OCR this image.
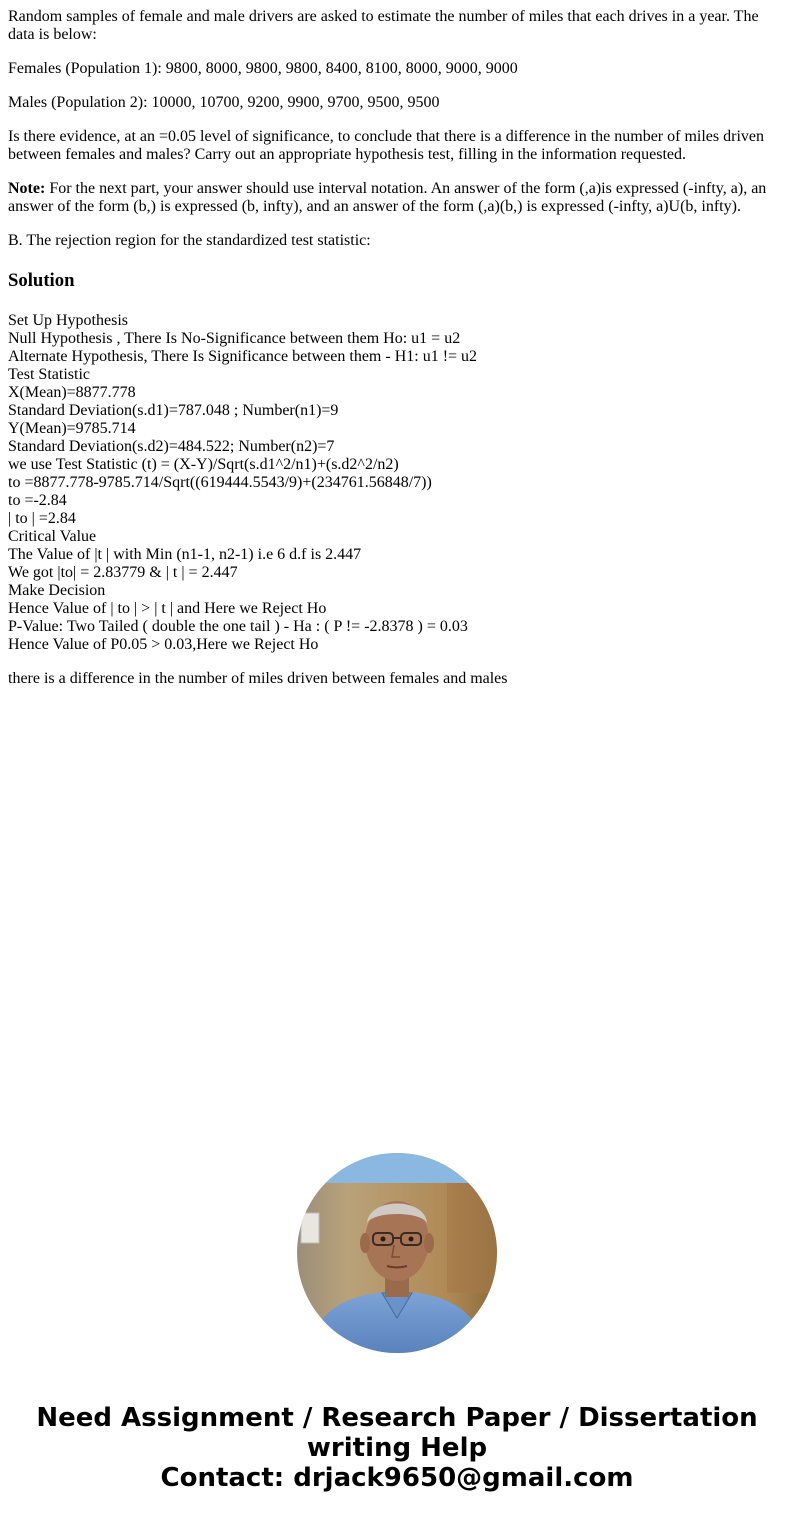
Random samples of female and male drivers are asked to estimate the number of miles that each drives in a year. The
data is below:

Females (Population 1): 9800, 8000, 9800, 9800, 8400, 8100, 8000, 9000, 9000

Males (Population 2): 10000, 10700, 9200, 9900, 9700, 9500, 9500

Is there evidence, at an =0.05 level of significance, to conclude that there is a difference in the number of miles driven
between females and males? Carry out an appropriate hypothesis test, filling in the information requested.

Note: For the next part, your answer should use interval notation. An answer of the form (,a)is expressed (-infty, a), an
answer of the form (b,) is expressed (b, infty), and an answer of the form (,a)(b,) is expressed (-infty, a)U(b, infty).

B. The rejection region for the standardized test statistic:

Solution

Set Up Hypothesis
Null Hypothesis , There Is No-Significance between them Ho: u1 = u2
Alternate Hypothesis, There Is Significance between them - H1: u1 != u2
Test Statistic
X(Mean)=8877.778
Standard Deviation(s.d1)=787.048 ; Number(n1)=9
Y(Mean)=9785.714
Standard Deviation(s.d2)=484.522; Number(n2)=7
we use Test Statistic (t) = (X-Y)/Sqrt(s.d1^2/n1)+(s.d2^2/n2)
to =8877.778-9785.714/Sqrt((619444.5543/9)+(234761.56848/7))
to =-2.84
| to | =2.84
Critical Value
The Value of |t | with Min (n1-1, n2-1) i.e 6 d.f is 2.447
We got |to| = 2.83779 & | t | = 2.447
Make Decision
Hence Value of | to | > | t | and Here we Reject Ho
P-Value: Two Tailed ( double the one tail ) - Ha : ( P != -2.8378 ) = 0.03
Hence Value of P0.05 > 0.03,Here we Reject Ho

there is a difference in the number of miles driven between females and males

Need Assignment / Research Paper / Dissertation
writing Help
Contact: drjack9650@gmail.com
